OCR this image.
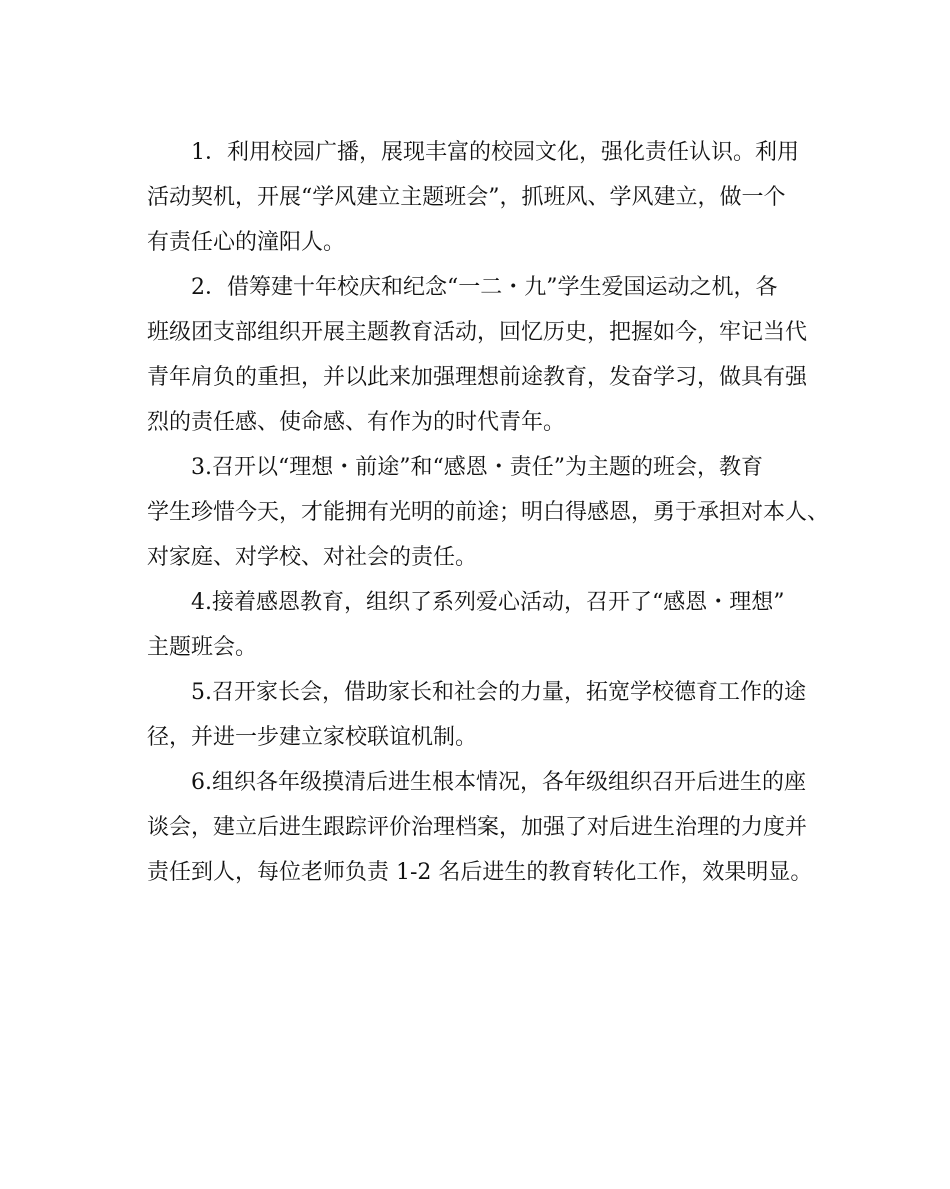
1．利用校园广播，展现丰富的校园文化，强化责任认识。利用
活动契机，开展“学风建立主题班会”，抓班风、学风建立，做一个
有责任心的潼阳人。

2．借筹建十年校庆和纪念“一二・九”学生爱国运动之机，各
班级团支部组织开展主题教育活动，回忆历史，把握如今，牢记当代
青年肩负的重担，并以此来加强理想前途教育，发奋学习，做具有强
烈的责任感、使命感、有作为的时代青年。

3.召开以“理想・前途”和“感恩・责任”为主题的班会，教育
学生珍惜今天，才能拥有光明的前途；明白得感恩，勇于承担对本人、
对家庭、对学校、对社会的责任。

4.接着感恩教育，组织了系列爱心活动，召开了“感恩・理想”
主题班会。

5.召开家长会，借助家长和社会的力量，拓宽学校德育工作的途
径，并进一步建立家校联谊机制。

6.组织各年级摸清后进生根本情况，各年级组织召开后进生的座
谈会，建立后进生跟踪评价治理档案，加强了对后进生治理的力度并
责任到人，每位老师负责 1-2 名后进生的教育转化工作，效果明显。
